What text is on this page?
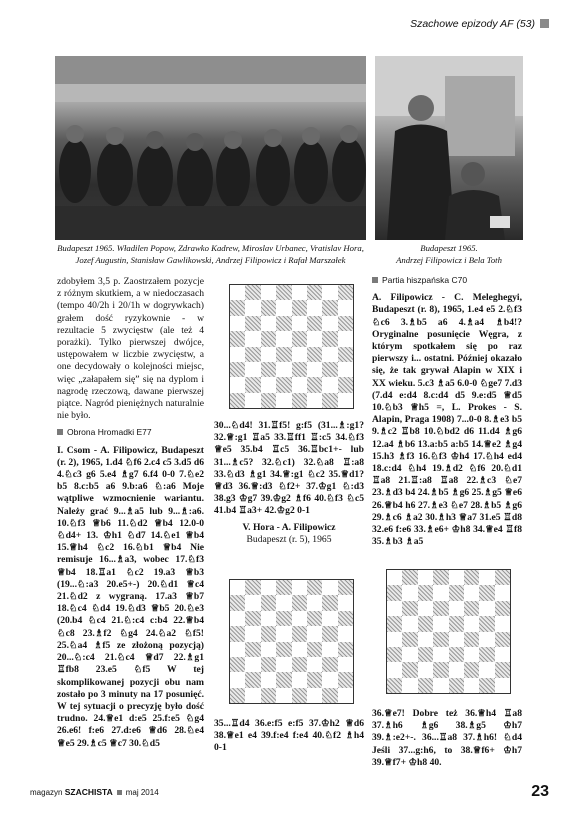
Szachowe epizody AF (53)
Budapeszt 1965. Władilen Popow, Zdrawko Kadrew, Miroslav Urbanec, Vratislav Hora, Jozef Augustin, Stanisław Gawlikowski, Andrzej Filipowicz i Rafał Marszałek
Budapeszt 1965.
Andrzej Filipowicz i Bela Toth

zdobyłem 3,5 p. Zaostrzałem pozycje z różnym skutkiem, a w niedoczasach (tempo 40/2h i 20/1h w dogrywkach) grałem dość ryzykownie - w rezultacie 5 zwycięstw (ale też 4 porażki). Tylko pierwszej dwójce, ustępowałem w liczbie zwycięstw, a one decydowały o kolejności miejsc, więc „załapałem się” się na dyplom i nagrodę rzeczową, dawane pierwszej piątce. Nagród pieniężnych naturalnie nie było.

Obrona Hromadki E77

I. Csom - A. Filipowicz, Budapeszt (r. 2), 1965, 1.d4 ♘f6 2.c4 c5 3.d5 d6 4.♘c3 g6 5.e4 ♗g7 6.f4 0-0 7.♘e2 b5 8.c:b5 a6 9.b:a6 ♘:a6 Moje wątpliwe wzmocnienie wariantu. Należy grać 9...♗a5 lub 9...♗:a6. 10.♘f3 ♕b6 11.♘d2 ♕b4 12.0-0 ♘d4+ 13. ♔h1 ♘d7 14.♘e1 ♕b4 15.♕h4 ♘c2 16.♘b1 ♕b4 Nie remisuje 16...♗a3, wobec 17.♘f3 ♕b4 18.♖a1 ♘c2 19.a3 ♕b3 (19...♘:a3 20.e5+-) 20.♘d1 ♕c4 21.♘d2 z wygraną. 17.a3 ♕b7 18.♘c4 ♘d4 19.♘d3 ♕b5 20.♘e3 (20.b4 ♘c4 21.♘:c4 c:b4 22.♕b4 ♘c8 23.♗f2 ♘g4 24.♘a2 ♘f5! 25.♘a4 ♗f5 ze złożoną pozycją) 20...♘:c4 21.♘c4 ♕d7 22.♗g1 ♖fb8 23.e5 ♘f5 W tej skomplikowanej pozycji obu nam zostało po 3 minuty na 17 posunięć. W tej sytuacji o precyzję było dość trudno. 24.♕e1 d:e5 25.f:e5 ♘g4 26.e6! f:e6 27.d:e6 ♕d6 28.♘e4 ♕e5 29.♗c5 ♕c7 30.♘d5

30...♘d4! 31.♖f5! g:f5 (31...♗:g1? 32.♕:g1 ♖a5 33.♖ff1 ♖:c5 34.♘f3 ♕e5 35.b4 ♖c5 36.♖bc1+- lub 31...♗c5? 32.♘c1) 32.♘a8 ♖:a8 33.♘d3 ♗g1 34.♕:g1 ♘c2 35.♕d1? ♕d3 36.♕:d3 ♘f2+ 37.♔g1 ♘:d3 38.g3 ♔g7 39.♔g2 ♗f6 40.♘f3 ♘c5 41.b4 ♖a3+ 42.♔g2 0-1

V. Hora - A. Filipowicz

Budapeszt (r. 5), 1965

35...♖d4 36.e:f5 e:f5 37.♔h2 ♕d6 38.♕e1 e4 39.f:e4 f:e4 40.♘f2 ♗h4 0-1

Partia hiszpańska C70

A. Filipowicz - C. Meleghegyi, Budapeszt (r. 8), 1965, 1.e4 e5 2.♘f3 ♘c6 3.♗b5 a6 4.♗a4 ♗b4!? Oryginalne posunięcie Węgra, z którym spotkałem się po raz pierwszy i... ostatni. Później okazało się, że tak grywał Alapin w XIX i XX wieku. 5.c3 ♗a5 6.0-0 ♘ge7 7.d3 (7.d4 e:d4 8.c:d4 d5 9.e:d5 ♕d5 10.♘b3 ♕h5 =, L. Prokes - S. Alapin, Praga 1908) 7...0-0 8.♗e3 b5 9.♗c2 ♖b8 10.♘bd2 d6 11.d4 ♗g6 12.a4 ♗b6 13.a:b5 a:b5 14.♕e2 ♗g4 15.h3 ♗f3 16.♘f3 ♔h4 17.♘h4 ed4 18.c:d4 ♘h4 19.♗d2 ♘f6 20.♘d1 ♖a8 21.♖:a8 ♖a8 22.♗c3 ♘e7 23.♗d3 b4 24.♗b5 ♗g6 25.♗g5 ♕e6 26.♕b4 h6 27.♗e3 ♘e7 28.♗b5 ♗g6 29.♗c6 ♗a2 30.♗h3 ♕a7 31.e5 ♖d8 32.e6 f:e6 33.♗e6+ ♔h8 34.♕e4 ♖f8 35.♗b3 ♗a5

36.♕e7! Dobre też 36.♕h4 ♖a8 37.♗h6 ♗g6 38.♗g5 ♔h7 39.♗:e2+-. 36...♖a8 37.♗h6! ♘d4 Jeśli 37...g:h6, to 38.♕f6+ ♔h7 39.♕f7+ ♔h8 40.

magazyn SZACHISTA maj 2014	23
